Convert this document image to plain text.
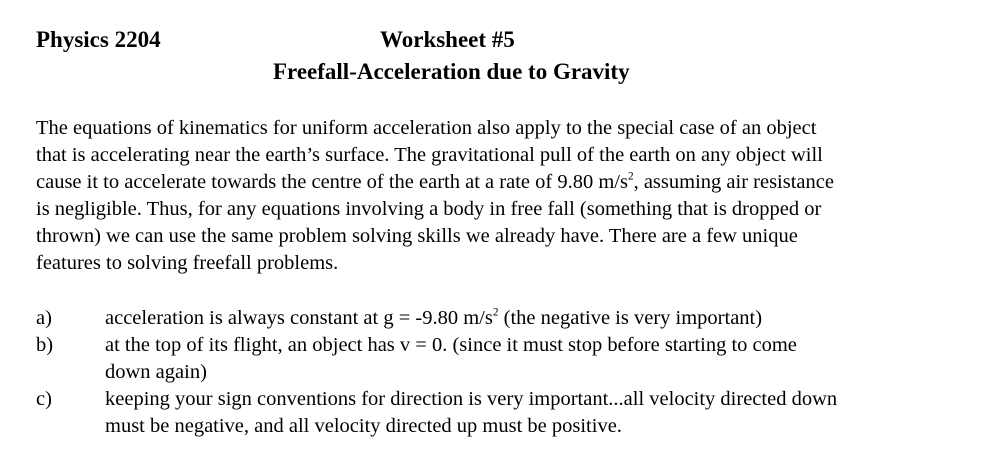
Physics 2204	Worksheet #5
Freefall-Acceleration due to Gravity
The equations of kinematics for uniform acceleration also apply to the special case of an object
that is accelerating near the earth’s surface. The gravitational pull of the earth on any object will
cause it to accelerate towards the centre of the earth at a rate of 9.80 $m/s^2$, assuming air resistance
is negligible. Thus, for any equations involving a body in free fall (something that is dropped or
thrown) we can use the same problem solving skills we already have. There are a few unique
features to solving freefall problems.
a)	acceleration is always constant at g = -9.80 $m/s^2$ (the negative is very important)
b)	at the top of its flight, an object has v = 0. (since it must stop before starting to come
down again)
c)	keeping your sign conventions for direction is very important...all velocity directed down
must be negative, and all velocity directed up must be positive.
